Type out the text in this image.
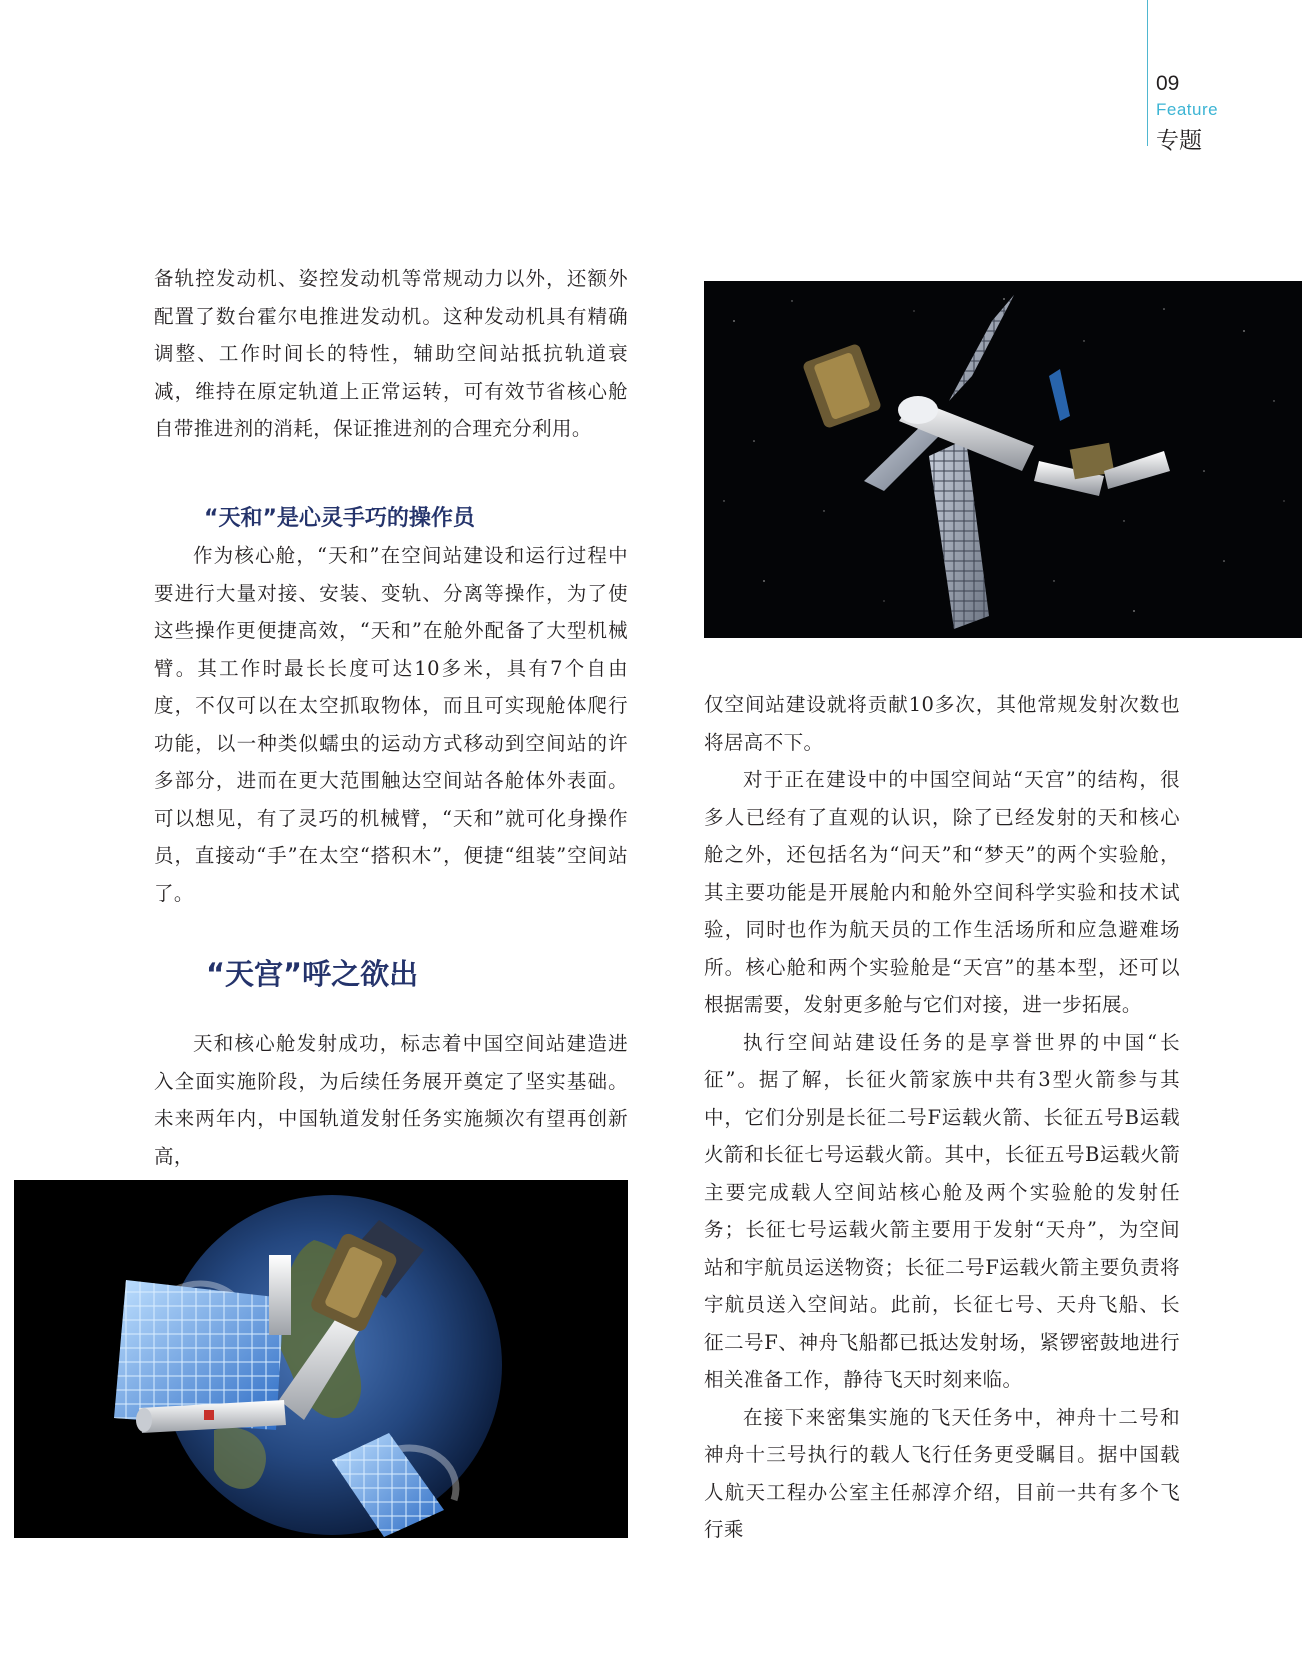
09
Feature
专题

备轨控发动机、姿控发动机等常规动力以外，还额外配置了数台霍尔电推进发动机。这种发动机具有精确调整、工作时间长的特性，辅助空间站抵抗轨道衰减，维持在原定轨道上正常运转，可有效节省核心舱自带推进剂的消耗，保证推进剂的合理充分利用。

“天和”是心灵手巧的操作员

作为核心舱，“天和”在空间站建设和运行过程中要进行大量对接、安装、变轨、分离等操作，为了使这些操作更便捷高效，“天和”在舱外配备了大型机械臂。其工作时最长长度可达10多米，具有7个自由度，不仅可以在太空抓取物体，而且可实现舱体爬行功能，以一种类似蠕虫的运动方式移动到空间站的许多部分，进而在更大范围触达空间站各舱体外表面。可以想见，有了灵巧的机械臂，“天和”就可化身操作员，直接动“手”在太空“搭积木”，便捷“组装”空间站了。

“天宫”呼之欲出

天和核心舱发射成功，标志着中国空间站建造进入全面实施阶段，为后续任务展开奠定了坚实基础。未来两年内，中国轨道发射任务实施频次有望再创新高，

仅空间站建设就将贡献10多次，其他常规发射次数也将居高不下。

对于正在建设中的中国空间站“天宫”的结构，很多人已经有了直观的认识，除了已经发射的天和核心舱之外，还包括名为“问天”和“梦天”的两个实验舱，其主要功能是开展舱内和舱外空间科学实验和技术试验，同时也作为航天员的工作生活场所和应急避难场所。核心舱和两个实验舱是“天宫”的基本型，还可以根据需要，发射更多舱与它们对接，进一步拓展。

执行空间站建设任务的是享誉世界的中国“长征”。据了解，长征火箭家族中共有3型火箭参与其中，它们分别是长征二号F运载火箭、长征五号B运载火箭和长征七号运载火箭。其中，长征五号B运载火箭主要完成载人空间站核心舱及两个实验舱的发射任务；长征七号运载火箭主要用于发射“天舟”，为空间站和宇航员运送物资；长征二号F运载火箭主要负责将宇航员送入空间站。此前，长征七号、天舟飞船、长征二号F、神舟飞船都已抵达发射场，紧锣密鼓地进行相关准备工作，静待飞天时刻来临。

在接下来密集实施的飞天任务中，神舟十二号和神舟十三号执行的载人飞行任务更受瞩目。据中国载人航天工程办公室主任郝淳介绍，目前一共有多个飞行乘
